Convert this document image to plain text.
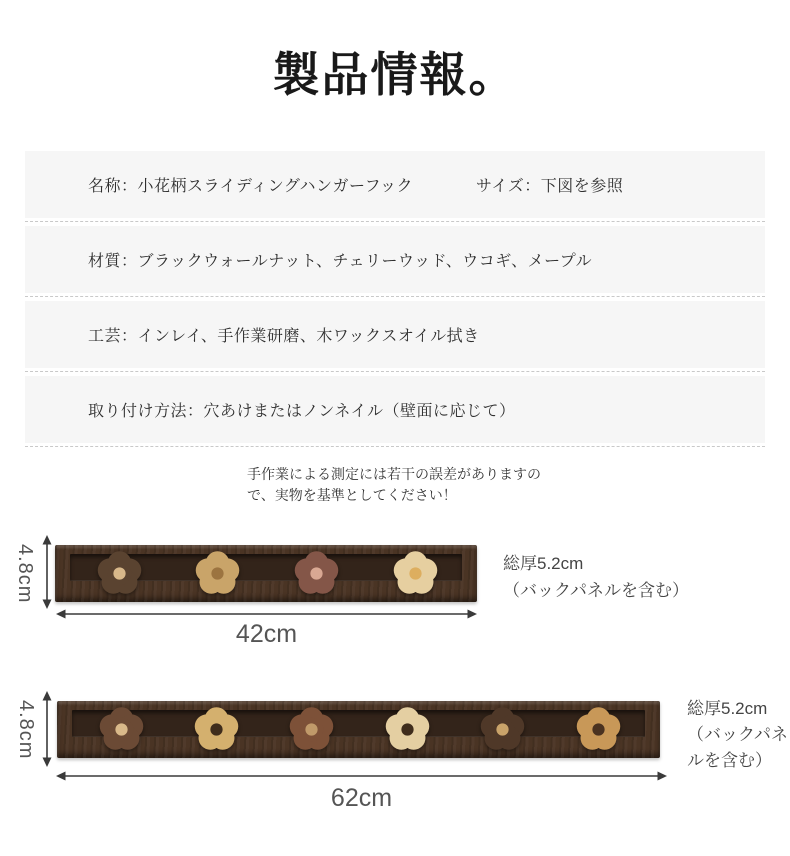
製品情報。
名称：小花柄スライディングハンガーフック	サイズ：下図を参照
材質：ブラックウォールナット、チェリーウッド、ウコギ、メープル
工芸：インレイ、手作業研磨、木ワックスオイル拭き
取り付け方法：穴あけまたはノンネイル（壁面に応じて）

手作業による測定には若干の誤差がありますので、実物を基準としてください！

4.8cm
42cm
総厚5.2cm
（バックパネルを含む）
4.8cm
62cm
総厚5.2cm （バックパネルを含む）
